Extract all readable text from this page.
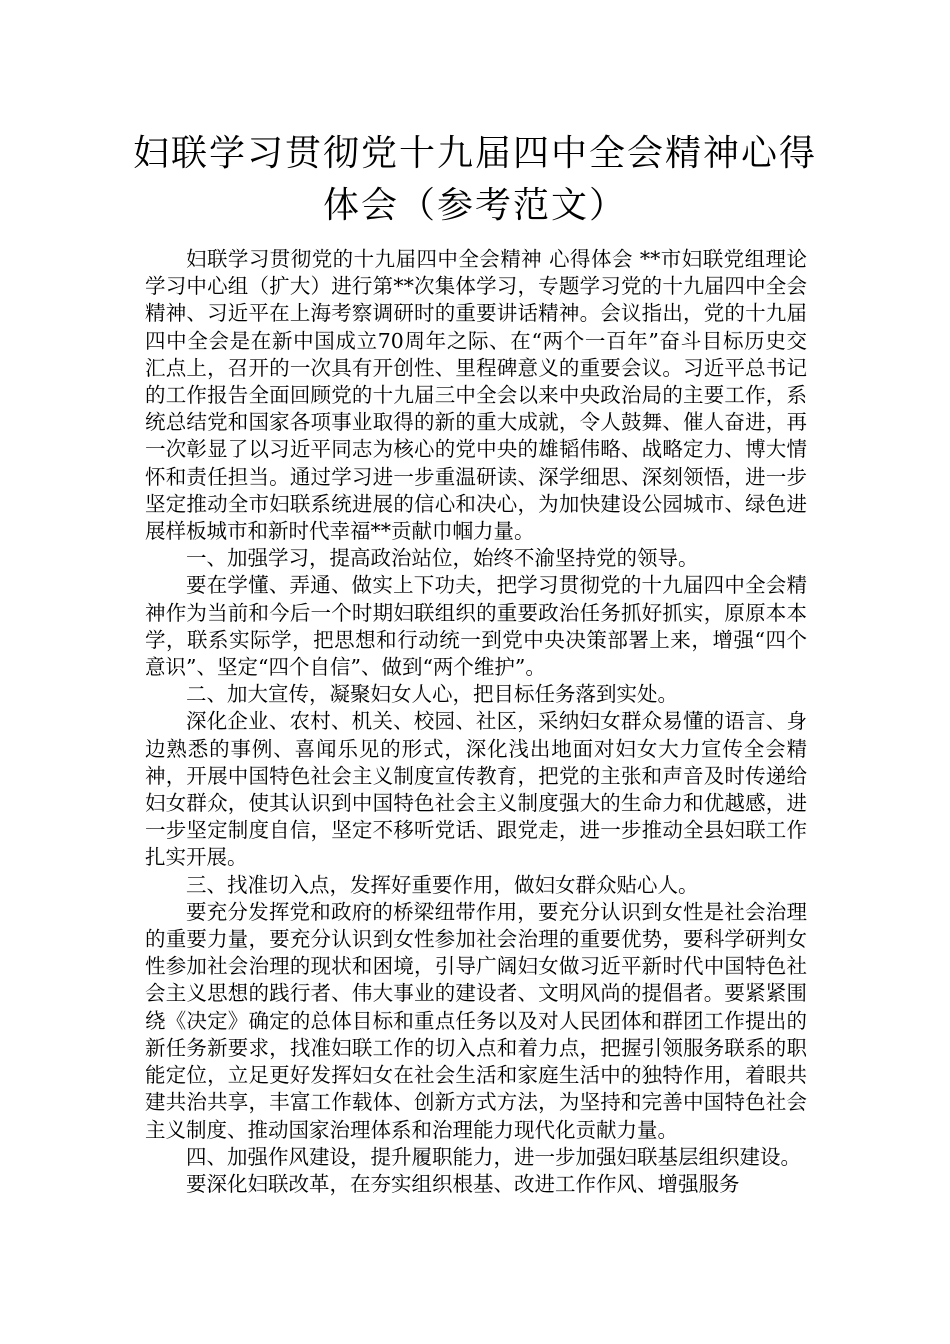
妇联学习贯彻党十九届四中全会精神心得体会（参考范文）

妇联学习贯彻党的十九届四中全会精神 心得体会 **市妇联党组理论学习中心组（扩大）进行第**次集体学习，专题学习党的十九届四中全会精神、习近平在上海考察调研时的重要讲话精神。会议指出，党的十九届四中全会是在新中国成立70周年之际、在“两个一百年”奋斗目标历史交汇点上，召开的一次具有开创性、里程碑意义的重要会议。习近平总书记的工作报告全面回顾党的十九届三中全会以来中央政治局的主要工作，系统总结党和国家各项事业取得的新的重大成就，令人鼓舞、催人奋进，再一次彰显了以习近平同志为核心的党中央的雄韬伟略、战略定力、博大情怀和责任担当。通过学习进一步重温研读、深学细思、深刻领悟，进一步坚定推动全市妇联系统进展的信心和决心，为加快建设公园城市、绿色进展样板城市和新时代幸福**贡献巾帼力量。

一、加强学习，提高政治站位，始终不渝坚持党的领导。

要在学懂、弄通、做实上下功夫，把学习贯彻党的十九届四中全会精神作为当前和今后一个时期妇联组织的重要政治任务抓好抓实，原原本本学，联系实际学，把思想和行动统一到党中央决策部署上来，增强“四个意识”、坚定“四个自信”、做到“两个维护”。

二、加大宣传，凝聚妇女人心，把目标任务落到实处。

深化企业、农村、机关、校园、社区，采纳妇女群众易懂的语言、身边熟悉的事例、喜闻乐见的形式，深化浅出地面对妇女大力宣传全会精神，开展中国特色社会主义制度宣传教育，把党的主张和声音及时传递给妇女群众，使其认识到中国特色社会主义制度强大的生命力和优越感，进一步坚定制度自信，坚定不移听党话、跟党走，进一步推动全县妇联工作扎实开展。

三、找准切入点，发挥好重要作用，做妇女群众贴心人。

要充分发挥党和政府的桥梁纽带作用，要充分认识到女性是社会治理的重要力量，要充分认识到女性参加社会治理的重要优势，要科学研判女性参加社会治理的现状和困境，引导广阔妇女做习近平新时代中国特色社会主义思想的践行者、伟大事业的建设者、文明风尚的提倡者。要紧紧围绕《决定》确定的总体目标和重点任务以及对人民团体和群团工作提出的新任务新要求，找准妇联工作的切入点和着力点，把握引领服务联系的职能定位，立足更好发挥妇女在社会生活和家庭生活中的独特作用，着眼共建共治共享，丰富工作载体、创新方式方法，为坚持和完善中国特色社会主义制度、推动国家治理体系和治理能力现代化贡献力量。

四、加强作风建设，提升履职能力，进一步加强妇联基层组织建设。

要深化妇联改革，在夯实组织根基、改进工作作风、增强服务
